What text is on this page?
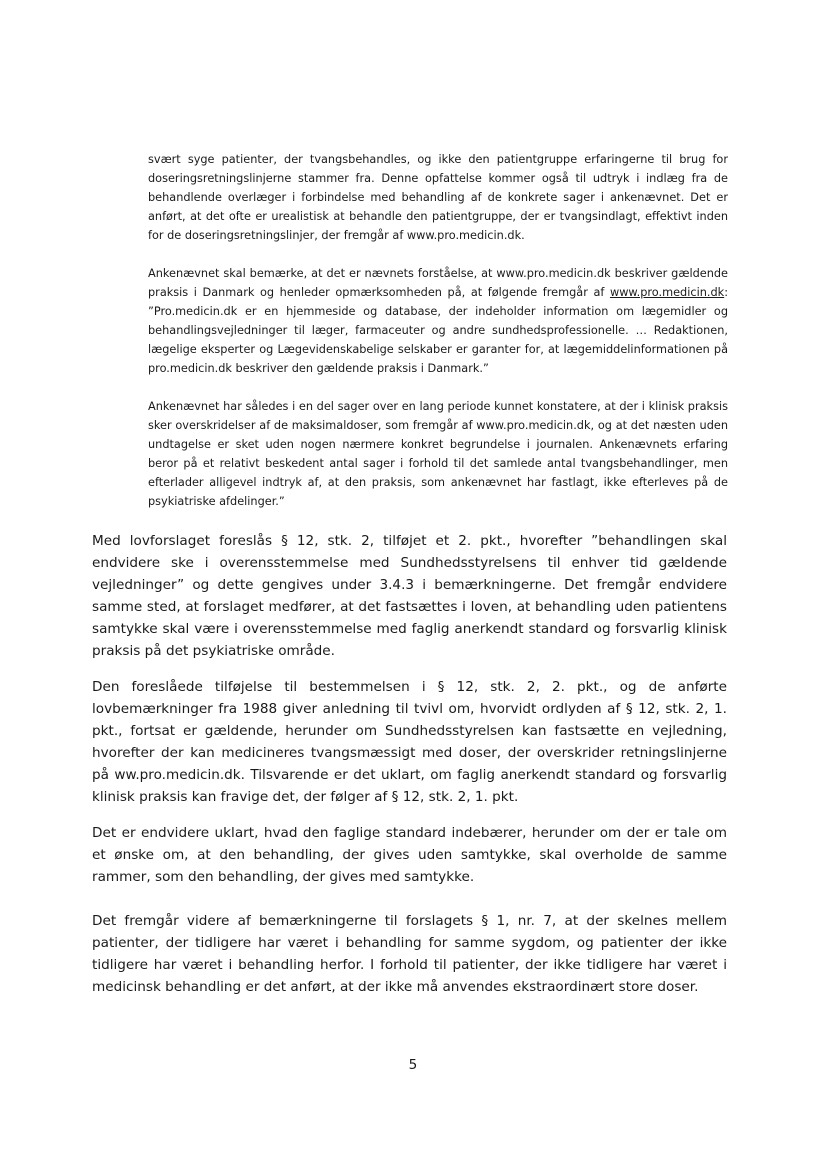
svært syge patienter, der tvangsbehandles, og ikke den patientgruppe erfaringerne til brug for doseringsretningslinjerne stammer fra. Denne opfattelse kommer også til udtryk i indlæg fra de behandlende overlæger i forbindelse med behandling af de konkrete sager i ankenævnet. Det er anført, at det ofte er urealistisk at behandle den patientgruppe, der er tvangsindlagt, effektivt inden for de doseringsretningslinjer, der fremgår af www.pro.medicin.dk.

Ankenævnet skal bemærke, at det er nævnets forståelse, at www.pro.medicin.dk beskriver gældende praksis i Danmark og henleder opmærksomheden på, at følgende fremgår af www.pro.medicin.dk: ”Pro.medicin.dk er en hjemmeside og database, der indeholder information om lægemidler og behandlingsvejledninger til læger, farmaceuter og andre sundhedsprofessionelle. … Redaktionen, lægelige eksperter og Lægevidenskabelige selskaber er garanter for, at lægemiddelinformationen på pro.medicin.dk beskriver den gældende praksis i Danmark.”

Ankenævnet har således i en del sager over en lang periode kunnet konstatere, at der i klinisk praksis sker overskridelser af de maksimaldoser, som fremgår af www.pro.medicin.dk, og at det næsten uden undtagelse er sket uden nogen nærmere konkret begrundelse i journalen. Ankenævnets erfaring beror på et relativt beskedent antal sager i forhold til det samlede antal tvangsbehandlinger, men efterlader alligevel indtryk af, at den praksis, som ankenævnet har fastlagt, ikke efterleves på de psykiatriske afdelinger.”

Med lovforslaget foreslås § 12, stk. 2, tilføjet et 2. pkt., hvorefter ”behandlingen skal endvidere ske i overensstemmelse med Sundhedsstyrelsens til enhver tid gældende vejledninger” og dette gengives under 3.4.3 i bemærkningerne. Det fremgår endvidere samme sted, at forslaget medfører, at det fastsættes i loven, at behandling uden patientens samtykke skal være i overensstemmelse med faglig anerkendt standard og forsvarlig klinisk praksis på det psykiatriske område.

Den foreslåede tilføjelse til bestemmelsen i § 12, stk. 2, 2. pkt., og de anførte lovbemærkninger fra 1988 giver anledning til tvivl om, hvorvidt ordlyden af § 12, stk. 2, 1. pkt., fortsat er gældende, herunder om Sundhedsstyrelsen kan fastsætte en vejledning, hvorefter der kan medicineres tvangsmæssigt med doser, der overskrider retningslinjerne på ww.pro.medicin.dk. Tilsvarende er det uklart, om faglig anerkendt standard og forsvarlig klinisk praksis kan fravige det, der følger af § 12, stk. 2, 1. pkt.

Det er endvidere uklart, hvad den faglige standard indebærer, herunder om der er tale om et ønske om, at den behandling, der gives uden samtykke, skal overholde de samme rammer, som den behandling, der gives med samtykke.

Det fremgår videre af bemærkningerne til forslagets § 1, nr. 7, at der skelnes mellem patienter, der tidligere har været i behandling for samme sygdom, og patienter der ikke tidligere har været i behandling herfor. I forhold til patienter, der ikke tidligere har været i medicinsk behandling er det anført, at der ikke må anvendes ekstraordinært store doser.

5
